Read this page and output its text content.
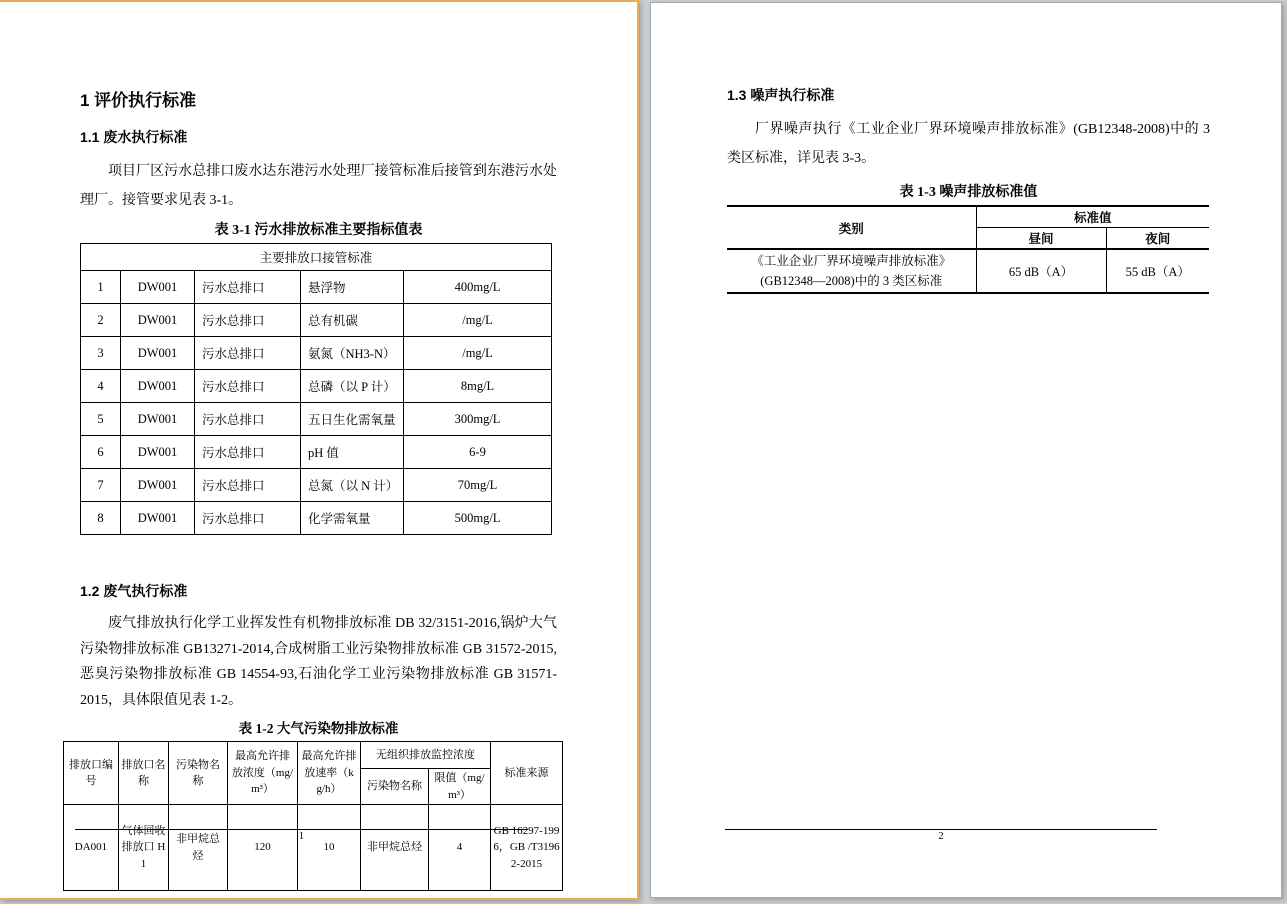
1 评价执行标准
1.1 废水执行标准

项目厂区污水总排口废水达东港污水处理厂接管标准后接管到东港污水处理厂。接管要求见表 3-1。

表 3-1 污水排放标准主要指标值表
主要排放口接管标准				
1	DW001	污水总排口	悬浮物	400mg/L
2	DW001	污水总排口	总有机碳	/mg/L
3	DW001	污水总排口	氨氮（NH3-N）	/mg/L
4	DW001	污水总排口	总磷（以 P 计）	8mg/L
5	DW001	污水总排口	五日生化需氧量	300mg/L
6	DW001	污水总排口	pH 值	6-9
7	DW001	污水总排口	总氮（以 N 计）	70mg/L
8	DW001	污水总排口	化学需氧量	500mg/L
1.2 废气执行标准

废气排放执行化学工业挥发性有机物排放标准 DB 32/3151-2016,锅炉大气污染物排放标准 GB13271-2014,合成树脂工业污染物排放标准 GB 31572-2015,恶臭污染物排放标准 GB 14554-93,石油化学工业污染物排放标准 GB 31571-2015，具体限值见表 1-2。

表 1-2 大气污染物排放标准
排放口编号	排放口名称	污染物名称	最高允许排放浓度（mg/m³）	最高允许排放速率（kg/h）	无组织排放监控浓度		标准来源
					污染物名称	限值（mg/m³）	
DA001	气体回收排放口 H1	非甲烷总烃	120	10	非甲烷总烃	4	GB 16297-1996，GB /T31962-2015
1
1.3 噪声执行标准

厂界噪声执行《工业企业厂界环境噪声排放标准》(GB12348-2008)中的 3 类区标准，详见表 3-3。

表 1-3 噪声排放标准值
类别	标准值	
	昼间	夜间

《工业企业厂界环境噪声排放标准》
(GB12348—2008)中的 3 类区标准	65 dB（A）	55 dB（A）
2
